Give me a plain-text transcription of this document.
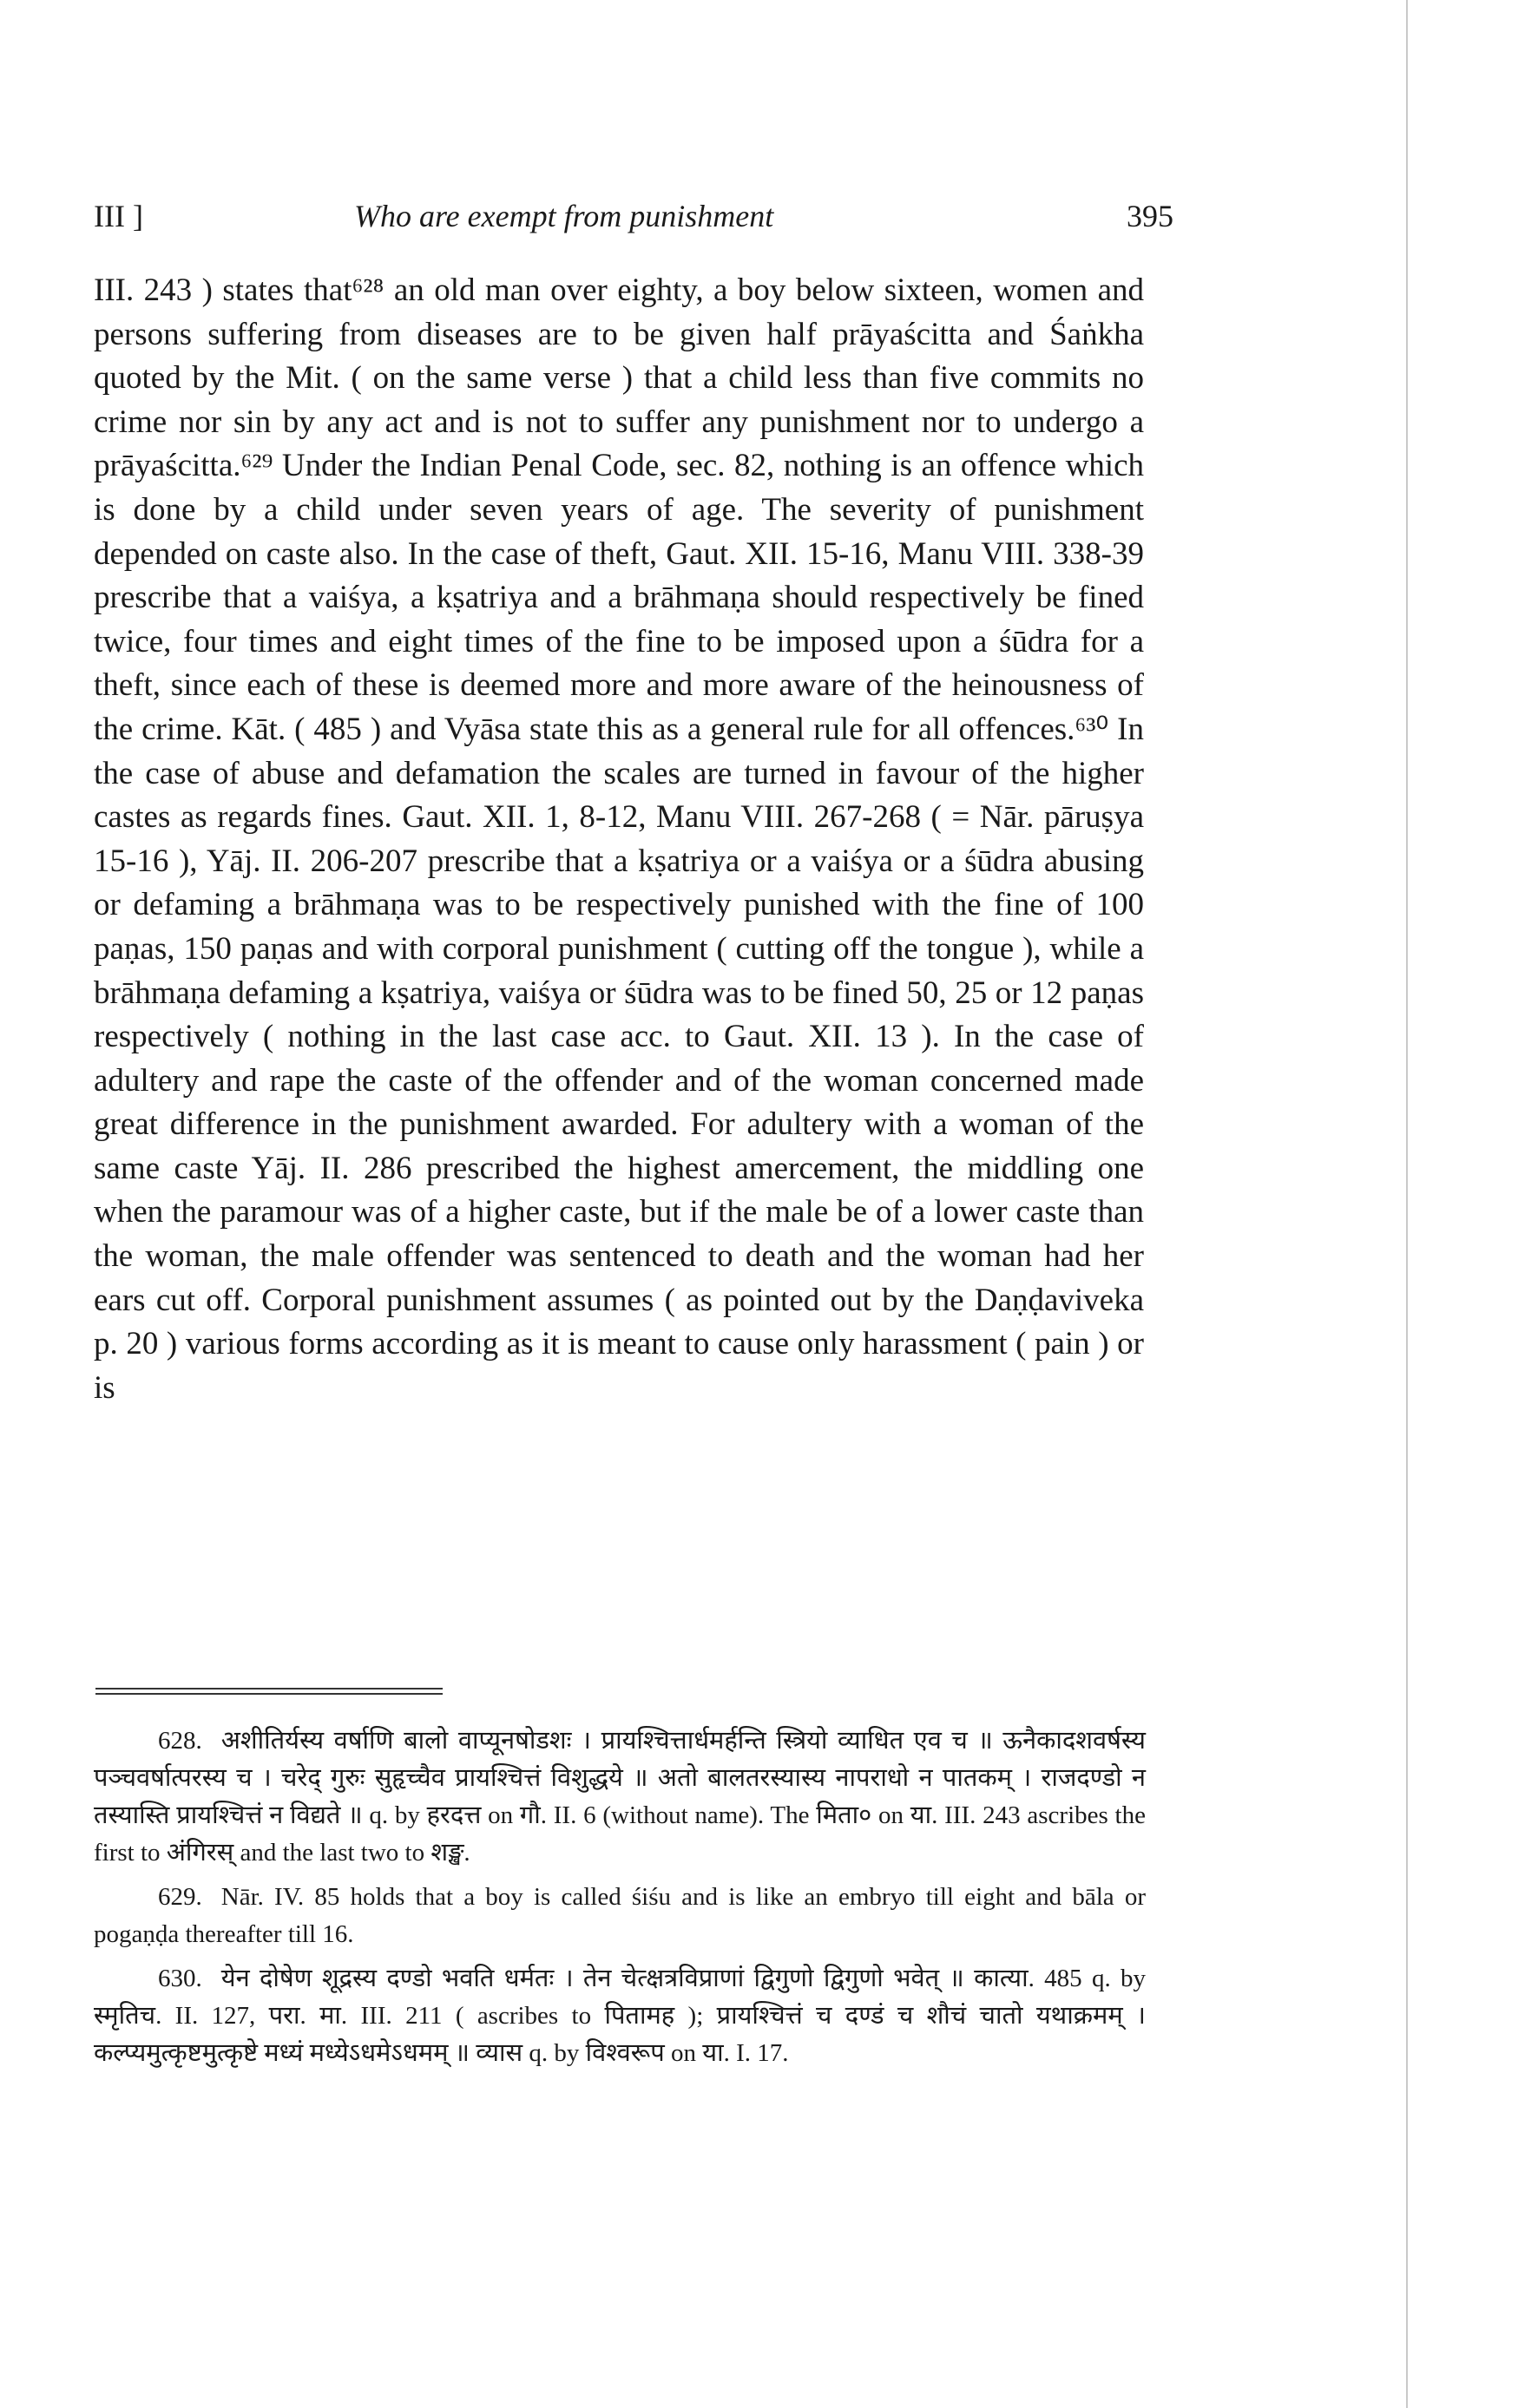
III ]	Who are exempt from punishment	395

III. 243 ) states that⁶²⁸ an old man over eighty, a boy below sixteen, women and persons suffering from diseases are to be given half prāyaścitta and Śaṅkha quoted by the Mit. ( on the same verse ) that a child less than five commits no crime nor sin by any act and is not to suffer any punishment nor to undergo a prāyaścitta.⁶²⁹ Under the Indian Penal Code, sec. 82, nothing is an offence which is done by a child under seven years of age. The severity of punishment depended on caste also. In the case of theft, Gaut. XII. 15-16, Manu VIII. 338-39 prescribe that a vaiśya, a kṣatriya and a brāhmaṇa should respectively be fined twice, four times and eight times of the fine to be imposed upon a śūdra for a theft, since each of these is deemed more and more aware of the heinousness of the crime. Kāt. ( 485 ) and Vyāsa state this as a general rule for all offences.⁶³⁰ In the case of abuse and defamation the scales are turned in favour of the higher castes as regards fines. Gaut. XII. 1, 8-12, Manu VIII. 267-268 ( = Nār. pāruṣya 15-16 ), Yāj. II. 206-207 prescribe that a kṣatriya or a vaiśya or a śūdra abusing or defaming a brāhmaṇa was to be respectively punished with the fine of 100 paṇas, 150 paṇas and with corporal punishment ( cutting off the tongue ), while a brāhmaṇa defaming a kṣatriya, vaiśya or śūdra was to be fined 50, 25 or 12 paṇas respectively ( nothing in the last case acc. to Gaut. XII. 13 ). In the case of adultery and rape the caste of the offender and of the woman concerned made great difference in the punishment awarded. For adultery with a woman of the same caste Yāj. II. 286 prescribed the highest amercement, the middling one when the paramour was of a higher caste, but if the male be of a lower caste than the woman, the male offender was sentenced to death and the woman had her ears cut off. Corporal punishment assumes ( as pointed out by the Daṇḍaviveka p. 20 ) various forms according as it is meant to cause only harassment ( pain ) or is

628. अशीतिर्यस्य वर्षाणि बालो वाप्यूनषोडशः । प्रायश्चित्तार्धमर्हन्ति स्त्रियो व्याधित एव च ॥ ऊनैकादशवर्षस्य पञ्चवर्षात्परस्य च । चरेद् गुरुः सुहृच्चैव प्रायश्चित्तं विशुद्धये ॥ अतो बालतरस्यास्य नापराधो न पातकम् । राजदण्डो न तस्यास्ति प्रायश्चित्तं न विद्यते ॥ q. by हरदत्त on गौ. II. 6 (without name). The मिता० on या. III. 243 ascribes the first to अंगिरस् and the last two to शङ्ख.

629. Nār. IV. 85 holds that a boy is called śiśu and is like an embryo till eight and bāla or pogaṇḍa thereafter till 16.

630. येन दोषेण शूद्रस्य दण्डो भवति धर्मतः । तेन चेत्क्षत्रविप्राणां द्विगुणो द्विगुणो भवेत् ॥ कात्या. 485 q. by स्मृतिच. II. 127, परा. मा. III. 211 ( ascribes to पितामह ); प्रायश्चित्तं च दण्डं च शौचं चातो यथाक्रमम् । कल्प्यमुत्कृष्टमुत्कृष्टे मध्यं मध्येऽधमेऽधमम् ॥ व्यास q. by विश्वरूप on या. I. 17.
